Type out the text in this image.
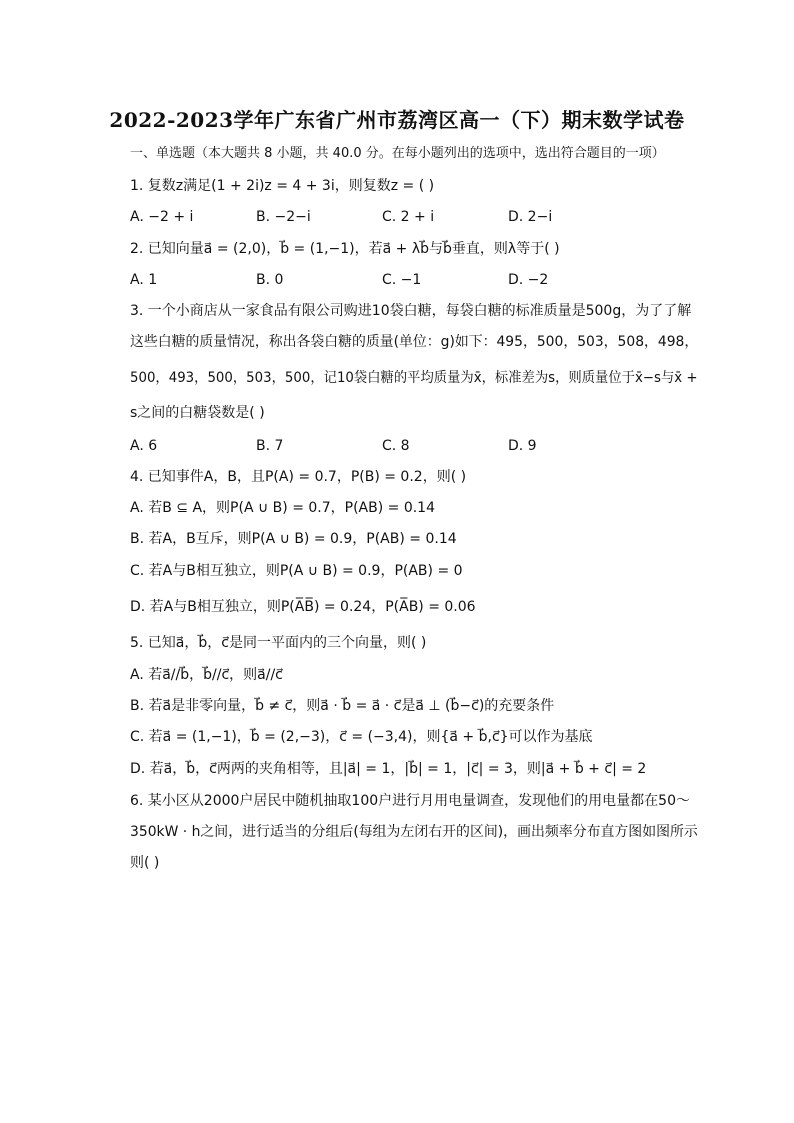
2022-2023学年广东省广州市荔湾区高一（下）期末数学试卷
一、单选题（本大题共 8 小题，共 40.0 分。在每小题列出的选项中，选出符合题目的一项）
1. 复数z满足(1 + 2i)z = 4 + 3i，则复数z = ( )
A. −2 + i	B. −2−i	C. 2 + i	D. 2−i
2. 已知向量a⃗ = (2,0)，b⃗ = (1,−1)，若a⃗ + λb⃗与b⃗垂直，则λ等于( )
A. 1	B. 0	C. −1	D. −2
3. 一个小商店从一家食品有限公司购进10袋白糖，每袋白糖的标准质量是500g，为了了解
这些白糖的质量情况，称出各袋白糖的质量(单位：g)如下：495，500，503，508，498，
500，493，500，503，500，记10袋白糖的平均质量为x̄，标准差为s，则质量位于x̄−s与x̄ +
s之间的白糖袋数是( )
A. 6	B. 7	C. 8	D. 9
4. 已知事件A，B，且P(A) = 0.7，P(B) = 0.2，则( )
A. 若B ⊆ A，则P(A ∪ B) = 0.7，P(AB) = 0.14
B. 若A，B互斥，则P(A ∪ B) = 0.9，P(AB) = 0.14
C. 若A与B相互独立，则P(A ∪ B) = 0.9，P(AB) = 0
D. 若A与B相互独立，则P(A̅B̅) = 0.24，P(A̅B) = 0.06
5. 已知a⃗，b⃗，c⃗是同一平面内的三个向量，则( )
A. 若a⃗//b⃗，b⃗//c⃗，则a⃗//c⃗
B. 若a⃗是非零向量，b⃗ ≠ c⃗，则a⃗ · b⃗ = a⃗ · c⃗是a⃗ ⊥ (b⃗−c⃗)的充要条件
C. 若a⃗ = (1,−1)，b⃗ = (2,−3)，c⃗ = (−3,4)，则{a⃗ + b⃗,c⃗}可以作为基底
D. 若a⃗，b⃗，c⃗两两的夹角相等，且|a⃗| = 1，|b⃗| = 1，|c⃗| = 3，则|a⃗ + b⃗ + c⃗| = 2
6. 某小区从2000户居民中随机抽取100户进行月用电量调查，发现他们的用电量都在50～
350kW · h之间，进行适当的分组后(每组为左闭右开的区间)，画出频率分布直方图如图所示
则( )
